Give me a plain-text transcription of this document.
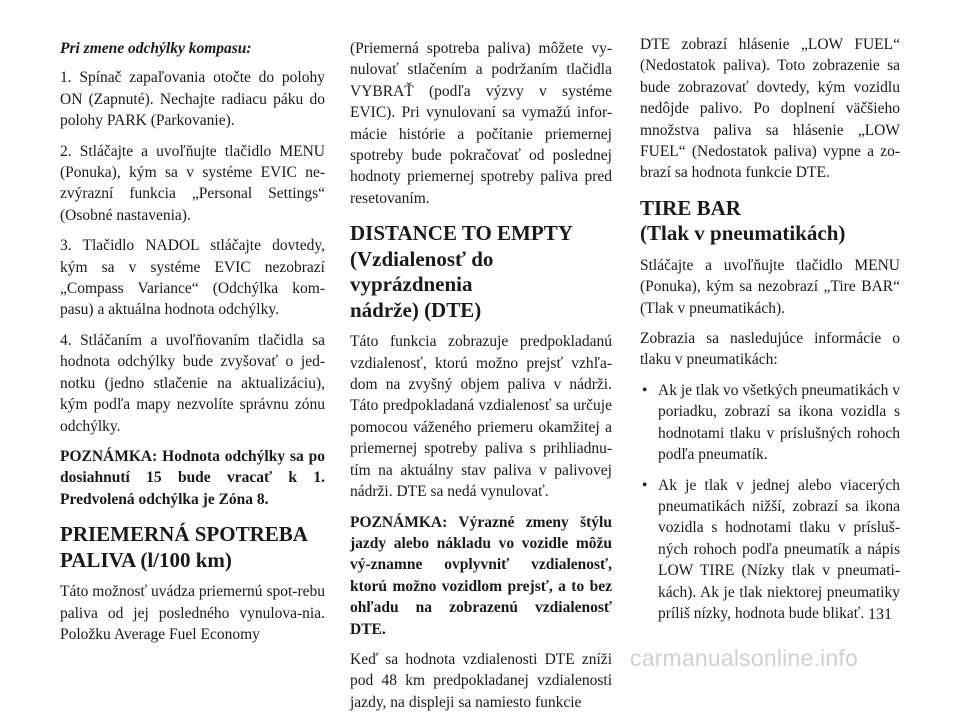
Pri zmene odchýlky kompasu:

1. Spínač zapaľovania otočte do polohy ON (Zapnuté). Nechajte radiacu páku do polohy PARK (Parkovanie).

2. Stláčajte a uvoľňujte tlačidlo MENU (Ponuka), kým sa v systéme EVIC ne-zvýrazní funkcia „Personal Settings“ (Osobné nastavenia).

3. Tlačidlo NADOL stláčajte dovtedy, kým sa v systéme EVIC nezobrazí „Compass Variance“ (Odchýlka kom-pasu) a aktuálna hodnota odchýlky.

4. Stláčaním a uvoľňovaním tlačidla sa hodnota odchýlky bude zvyšovať o jed-notku (jedno stlačenie na aktualizáciu), kým podľa mapy nezvolíte správnu zónu odchýlky.

POZNÁMKA: Hodnota odchýlky sa po dosiahnutí 15 bude vracať k 1. Predvolená odchýlka je Zóna 8.

PRIEMERNÁ SPOTREBA
PALIVA (l/100 km)

Táto možnosť uvádza priemernú spot-rebu paliva od jej posledného vynulova-nia. Položku Average Fuel Economy

(Priemerná spotreba paliva) môžete vy-nulovať stlačením a podržaním tlačidla VYBRAŤ (podľa výzvy v systéme EVIC). Pri vynulovaní sa vymažú infor-mácie histórie a počítanie priemernej spotreby bude pokračovať od poslednej hodnoty priemernej spotreby paliva pred resetovaním.

DISTANCE TO EMPTY
(Vzdialenosť do vyprázdnenia
nádrže) (DTE)

Táto funkcia zobrazuje predpokladanú vzdialenosť, ktorú možno prejsť vzhľa-dom na zvyšný objem paliva v nádrži. Táto predpokladaná vzdialenosť sa určuje pomocou váženého priemeru okamžitej a priemernej spotreby paliva s prihliadnu-tím na aktuálny stav paliva v palivovej nádrži. DTE sa nedá vynulovať.

POZNÁMKA: Výrazné zmeny štýlu jazdy alebo nákladu vo vozidle môžu vý-znamne ovplyvniť vzdialenosť, ktorú možno vozidlom prejsť, a to bez ohľadu na zobrazenú vzdialenosť DTE.

Keď sa hodnota vzdialenosti DTE zníži pod 48 km predpokladanej vzdialenosti jazdy, na displeji sa namiesto funkcie

DTE zobrazí hlásenie „LOW FUEL“ (Nedostatok paliva). Toto zobrazenie sa bude zobrazovať dovtedy, kým vozidlu nedôjde palivo. Po doplnení väčšieho množstva paliva sa hlásenie „LOW FUEL“ (Nedostatok paliva) vypne a zo-brazí sa hodnota funkcie DTE.

TIRE BAR
(Tlak v pneumatikách)

Stláčajte a uvoľňujte tlačidlo MENU (Ponuka), kým sa nezobrazí „Tire BAR“ (Tlak v pneumatikách).

Zobrazia sa nasledujúce informácie o tlaku v pneumatikách:

• Ak je tlak vo všetkých pneumatikách v poriadku, zobrazí sa ikona vozidla s hodnotami tlaku v príslušných rohoch podľa pneumatík.
• Ak je tlak v jednej alebo viacerých pneumatikách nižší, zobrazí sa ikona vozidla s hodnotami tlaku v prísluš-ných rohoch podľa pneumatík a nápis LOW TIRE (Nízky tlak v pneumati-kách). Ak je tlak niektorej pneumatiky príliš nízky, hodnota bude blikať. 131
carmanualsonline.info
